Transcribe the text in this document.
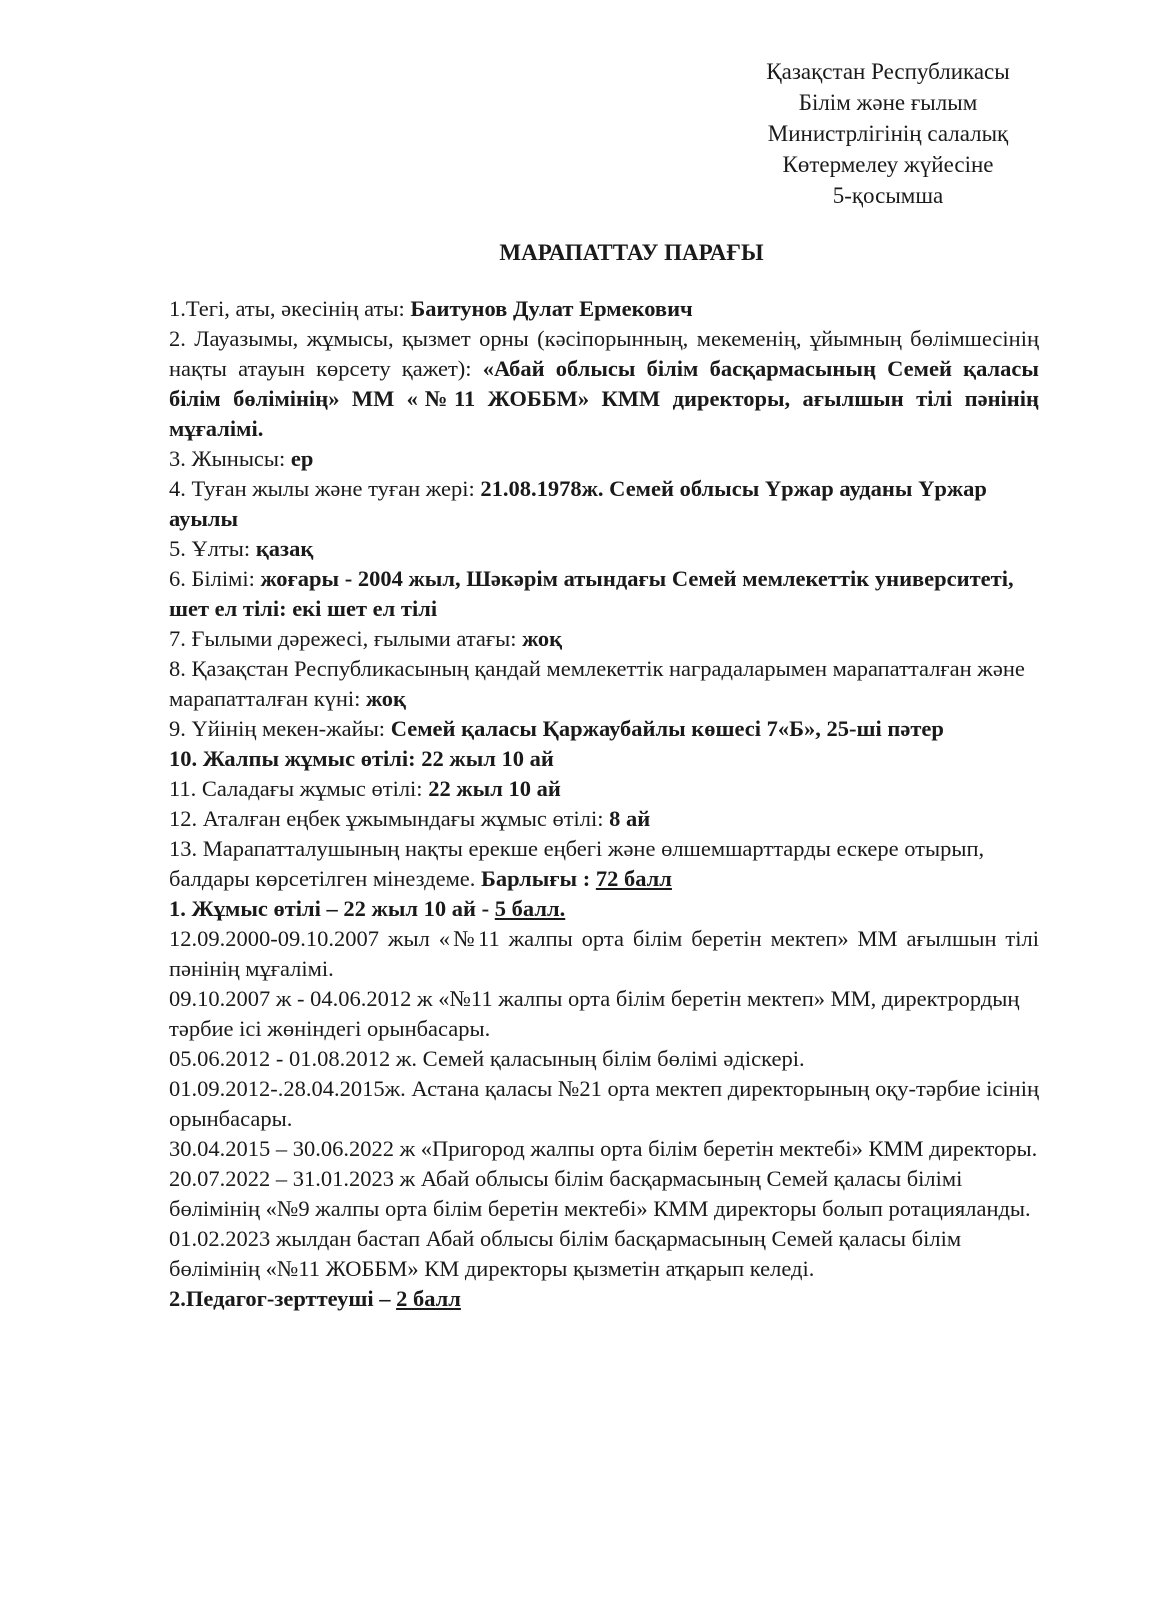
Қазақстан Республикасы
Білім және ғылым
Министрлігінің салалық
Көтермелеу жүйесіне
5-қосымша
МАРАПАТТАУ ПАРАҒЫ

1.Тегі, аты, әкесінің аты: Баитунов Дулат Ермекович

2. Лауазымы, жұмысы, қызмет орны (кәсіпорынның, мекеменің, ұйымның бөлімшесінің нақты атауын көрсету қажет): «Абай облысы білім басқармасының Семей қаласы білім бөлімінің» ММ «№11 ЖОББМ» КММ директоры, ағылшын тілі пәнінің мұғалімі.

3. Жынысы: ер

4. Туған жылы және туған жері: 21.08.1978ж. Семей облысы Үржар ауданы Үржар ауылы

5. Ұлты: қазақ

6. Білімі: жоғары - 2004 жыл, Шәкәрім атындағы Семей мемлекеттік университеті, шет ел тілі: екі шет ел тілі

7. Ғылыми дәрежесі, ғылыми атағы: жоқ

8. Қазақстан Республикасының қандай мемлекеттік наградаларымен марапатталған және марапатталған күні: жоқ

9. Үйінің мекен-жайы: Семей қаласы Қаржаубайлы көшесі 7«Б», 25-ші пәтер

10. Жалпы жұмыс өтілі: 22 жыл 10 ай

11. Саладағы жұмыс өтілі: 22 жыл 10 ай

12. Аталған еңбек ұжымындағы жұмыс өтілі: 8 ай

13. Марапатталушының нақты ерекше еңбегі және өлшемшарттарды ескере отырып, балдары көрсетілген мінездеме. Барлығы : 72 балл

1. Жұмыс өтілі – 22 жыл 10 ай - 5 балл.

12.09.2000-09.10.2007 жыл «№11 жалпы орта білім беретін мектеп» ММ ағылшын тілі пәнінің мұғалімі.

09.10.2007 ж - 04.06.2012 ж «№11 жалпы орта білім беретін мектеп» ММ, директрордың тәрбие ісі жөніндегі орынбасары.

05.06.2012 - 01.08.2012 ж. Семей қаласының білім бөлімі әдіскері.

01.09.2012-.28.04.2015ж. Астана қаласы №21 орта мектеп директорының оқу-тәрбие ісінің орынбасары.

30.04.2015 – 30.06.2022 ж «Пригород жалпы орта білім беретін мектебі» КММ директоры.

20.07.2022 – 31.01.2023 ж Абай облысы білім басқармасының Семей қаласы білімі бөлімінің «№9 жалпы орта білім беретін мектебі» КММ директоры болып ротацияланды.

01.02.2023 жылдан бастап Абай облысы білім басқармасының Семей қаласы білім бөлімінің «№11 ЖОББМ» КМ директоры қызметін атқарып келеді.

2.Педагог-зерттеуші – 2 балл
